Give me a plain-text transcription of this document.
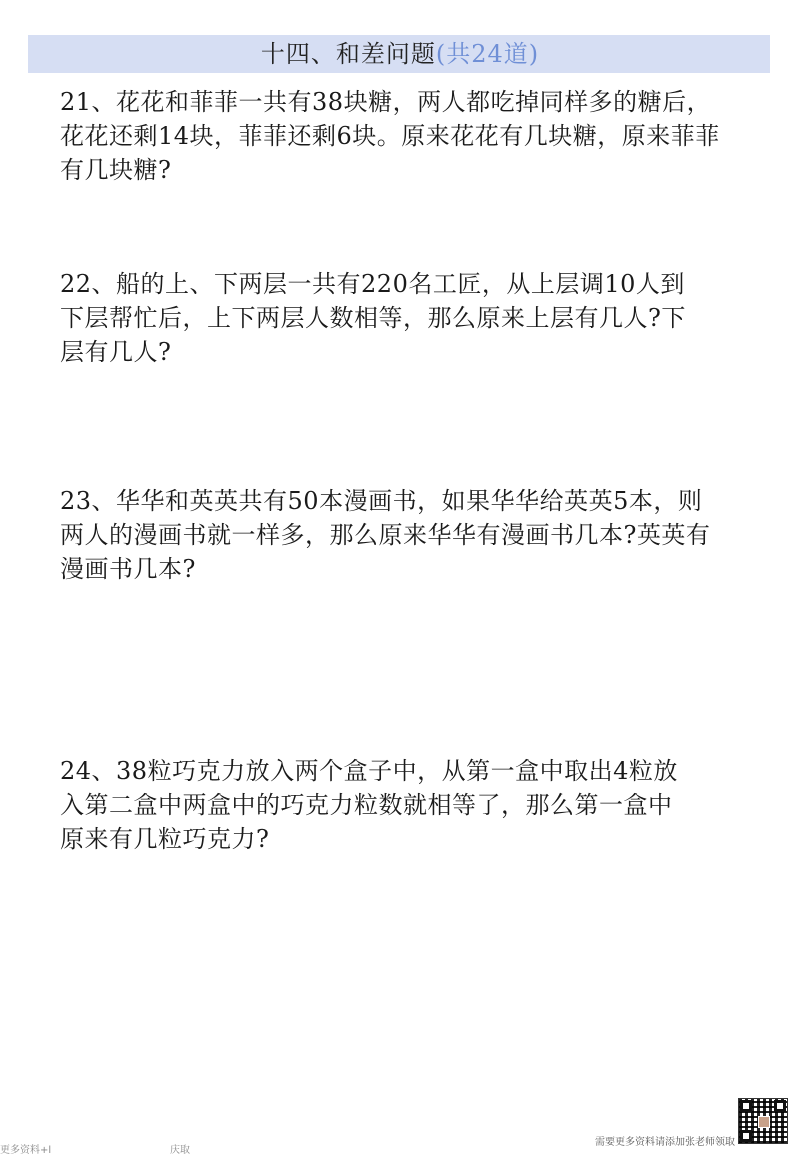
十四、和差问题(共24道)
21、花花和菲菲一共有38块糖，两人都吃掉同样多的糖后，
花花还剩14块，菲菲还剩6块。原来花花有几块糖，原来菲菲
有几块糖?
22、船的上、下两层一共有220名工匠，从上层调10人到
下层帮忙后，上下两层人数相等，那么原来上层有几人?下
层有几人?
23、华华和英英共有50本漫画书，如果华华给英英5本，则
两人的漫画书就一样多，那么原来华华有漫画书几本?英英有
漫画书几本?
24、38粒巧克力放入两个盒子中，从第一盒中取出4粒放
入第二盒中两盒中的巧克力粒数就相等了，那么第一盒中
原来有几粒巧克力?
更多资料+l	庆取
需要更多资料请添加张老师领取
